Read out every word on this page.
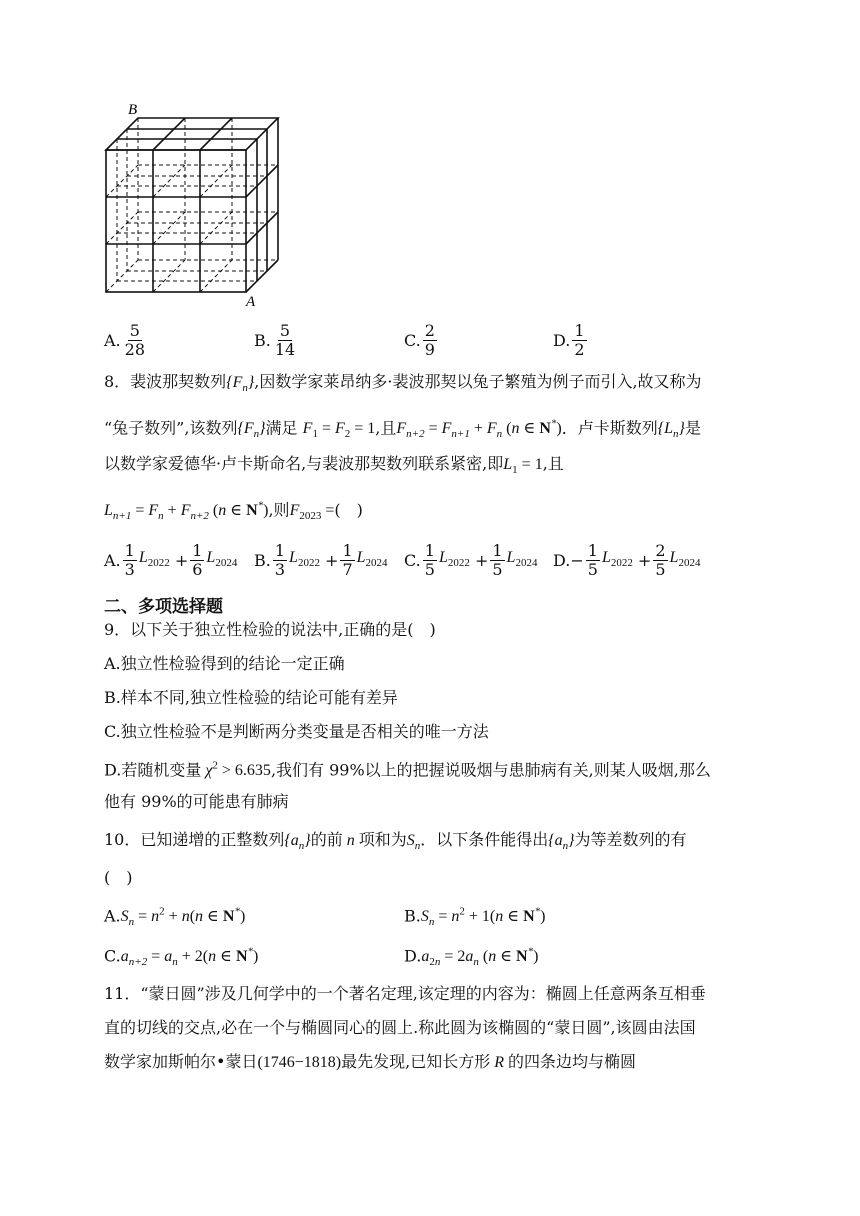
B
A
A. $\frac{5}{28}$	B. $\frac{5}{14}$	C. $\frac{2}{9}$	D. $\frac{1}{2}$
8．裴波那契数列$\{F_n\}$,因数学家莱昂纳多·裴波那契以兔子繁殖为例子而引入,故又称为
“兔子数列”,该数列$\{F_n\}$满足 $F_1 = F_2 = 1$,且$F_{n+2} = F_{n+1} + F_n$ (n ∈ N*)．卢卡斯数列$\{L_n\}$是
以数学家爱德华·卢卡斯命名,与裴波那契数列联系紧密,即$L_1 = 1$,且
$L_{n+1} = F_n + F_{n+2}$ (n ∈ N*),则$F_{2023}$ =(　)
A. $\frac{1}{3} L_{2022} + \frac{1}{6} L_{2024}$ B. $\frac{1}{3} L_{2022} + \frac{1}{7} L_{2024}$ C. $\frac{1}{5} L_{2022} + \frac{1}{5} L_{2024}$ D. − $\frac{1}{5} L_{2022} + \frac{2}{5} L_{2024}$
二、多项选择题
9．以下关于独立性检验的说法中,正确的是(　)
A.独立性检验得到的结论一定正确
B.样本不同,独立性检验的结论可能有差异
C.独立性检验不是判断两分类变量是否相关的唯一方法
D.若随机变量 $\chi^2 > 6.635$,我们有 99%以上的把握说吸烟与患肺病有关,则某人吸烟,那么
他有 99%的可能患有肺病
10．已知递增的正整数列$\{a_n\}$的前 n 项和为$S_n$．以下条件能得出$\{a_n\}$为等差数列的有
(　)
$A.S_n = n^2 + n(n$ ∈ N*)	$B.S_n = n^2 + 1(n$ ∈ N*)
$C.a_{n+2} = a_n + 2(n$ ∈ N*)	$D.a_{2n} = 2a_n$ (n ∈ N*)
11．“蒙日圆”涉及几何学中的一个著名定理,该定理的内容为：椭圆上任意两条互相垂
直的切线的交点,必在一个与椭圆同心的圆上.称此圆为该椭圆的“蒙日圆”,该圆由法国
数学家加斯帕尔•蒙日(1746−1818)最先发现,已知长方形 R 的四条边均与椭圆
